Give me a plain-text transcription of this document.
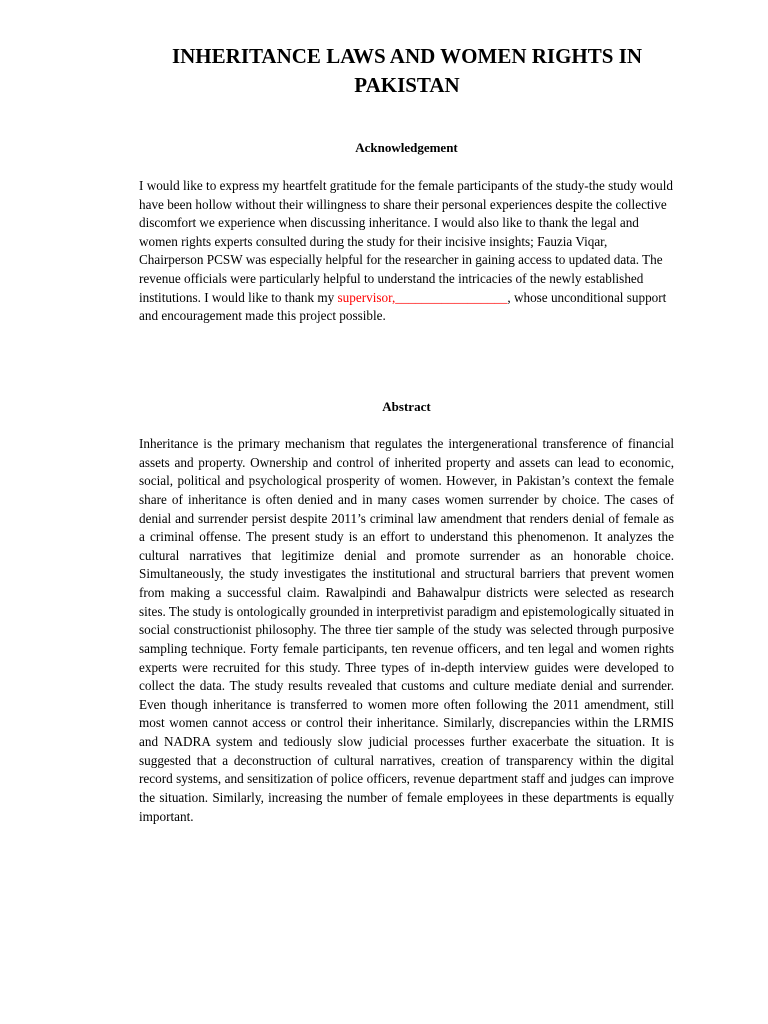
INHERITANCE LAWS AND WOMEN RIGHTS IN PAKISTAN
Acknowledgement

I would like to express my heartfelt gratitude for the female participants of the study-the study would have been hollow without their willingness to share their personal experiences despite the collective discomfort we experience when discussing inheritance. I would also like to thank the legal and women rights experts consulted during the study for their incisive insights; Fauzia Viqar, Chairperson PCSW was especially helpful for the researcher in gaining access to updated data. The revenue officials were particularly helpful to understand the intricacies of the newly established institutions. I would like to thank my supervisor,_________________, whose unconditional support and encouragement made this project possible.

Abstract

Inheritance is the primary mechanism that regulates the intergenerational transference of financial assets and property. Ownership and control of inherited property and assets can lead to economic, social, political and psychological prosperity of women. However, in Pakistan’s context the female share of inheritance is often denied and in many cases women surrender by choice. The cases of denial and surrender persist despite 2011’s criminal law amendment that renders denial of female as a criminal offense. The present study is an effort to understand this phenomenon. It analyzes the cultural narratives that legitimize denial and promote surrender as an honorable choice. Simultaneously, the study investigates the institutional and structural barriers that prevent women from making a successful claim. Rawalpindi and Bahawalpur districts were selected as research sites. The study is ontologically grounded in interpretivist paradigm and epistemologically situated in social constructionist philosophy. The three tier sample of the study was selected through purposive sampling technique. Forty female participants, ten revenue officers, and ten legal and women rights experts were recruited for this study. Three types of in-depth interview guides were developed to collect the data. The study results revealed that customs and culture mediate denial and surrender. Even though inheritance is transferred to women more often following the 2011 amendment, still most women cannot access or control their inheritance. Similarly, discrepancies within the LRMIS and NADRA system and tediously slow judicial processes further exacerbate the situation. It is suggested that a deconstruction of cultural narratives, creation of transparency within the digital record systems, and sensitization of police officers, revenue department staff and judges can improve the situation. Similarly, increasing the number of female employees in these departments is equally important.
